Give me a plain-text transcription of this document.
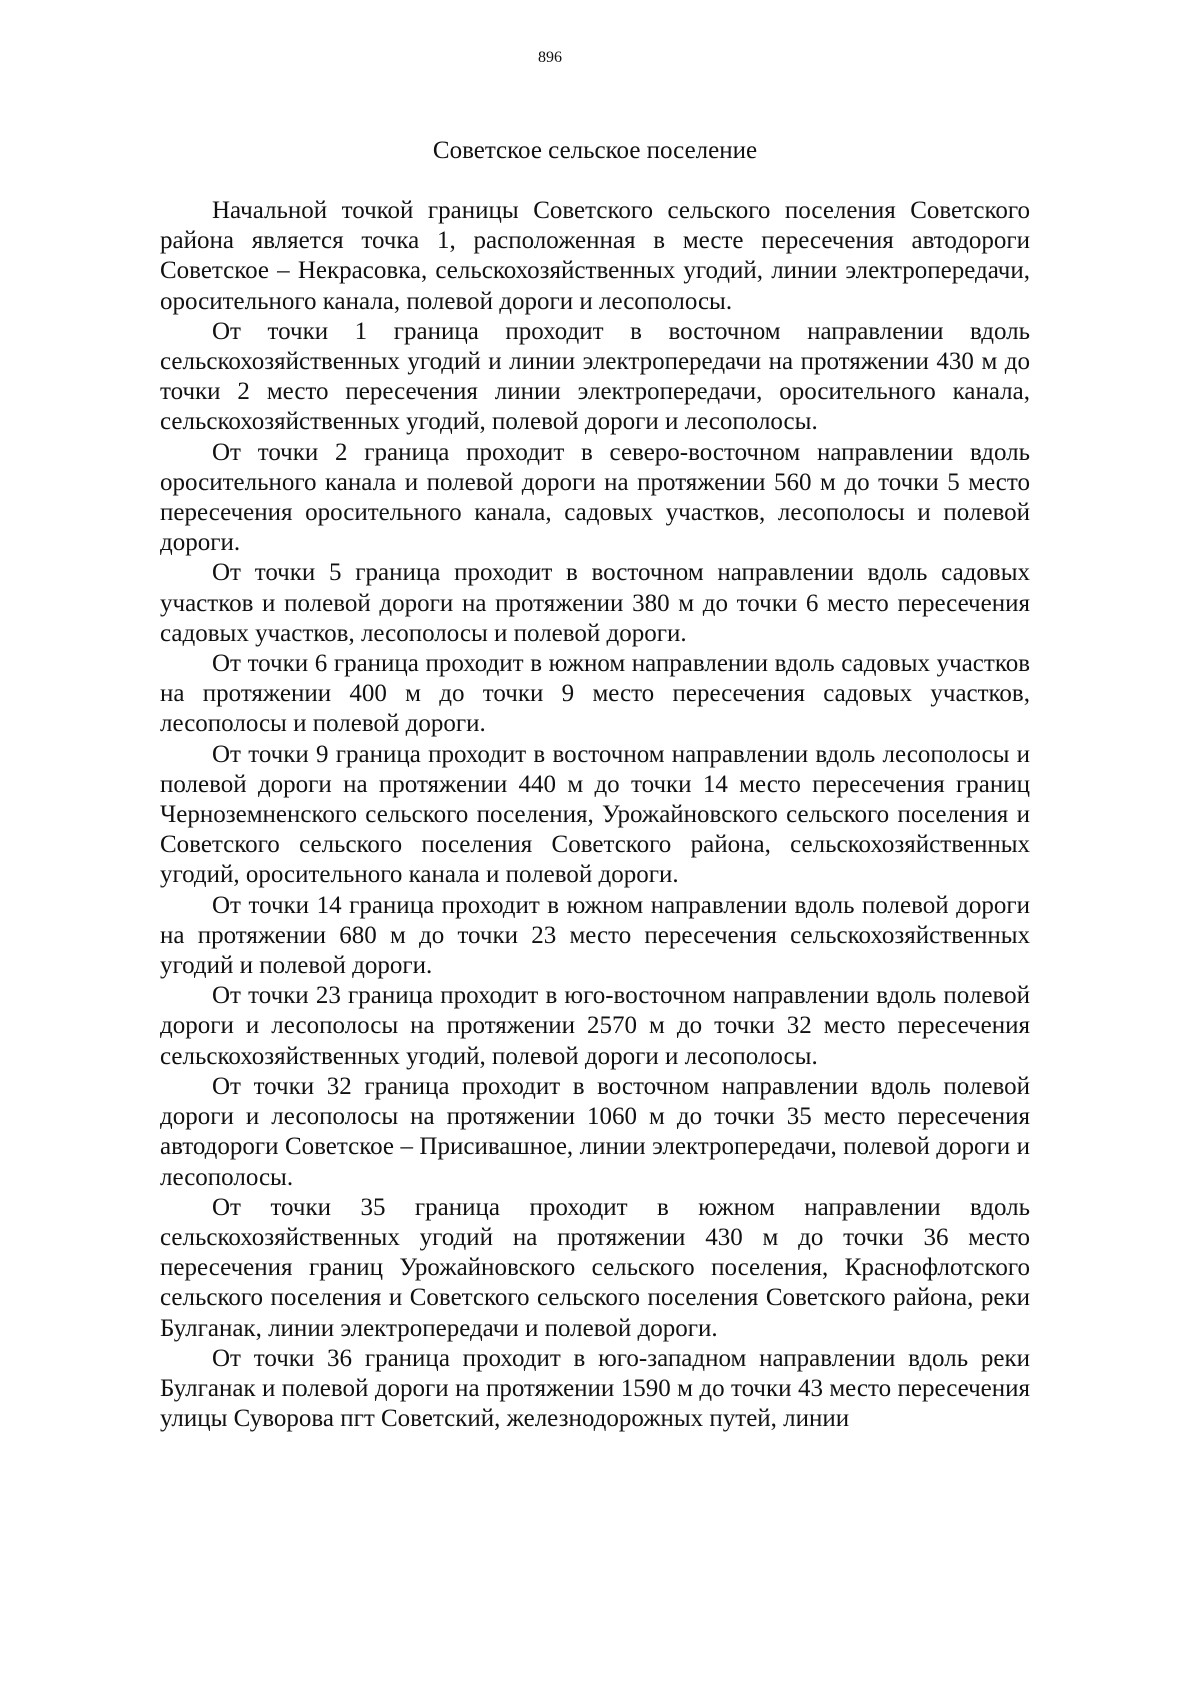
896
Советское сельское поселение

Начальной точкой границы Советского сельского поселения Советского района является точка 1, расположенная в месте пересечения автодороги Советское – Некрасовка, сельскохозяйственных угодий, линии электропередачи, оросительного канала, полевой дороги и лесополосы.

От точки 1 граница проходит в восточном направлении вдоль сельскохозяйственных угодий и линии электропередачи на протяжении 430 м до точки 2 место пересечения линии электропередачи, оросительного канала, сельскохозяйственных угодий, полевой дороги и лесополосы.

От точки 2 граница проходит в северо-восточном направлении вдоль оросительного канала и полевой дороги на протяжении 560 м до точки 5 место пересечения оросительного канала, садовых участков, лесополосы и полевой дороги.

От точки 5 граница проходит в восточном направлении вдоль садовых участков и полевой дороги на протяжении 380 м до точки 6 место пересечения садовых участков, лесополосы и полевой дороги.

От точки 6 граница проходит в южном направлении вдоль садовых участков на протяжении 400 м до точки 9 место пересечения садовых участков, лесополосы и полевой дороги.

От точки 9 граница проходит в восточном направлении вдоль лесополосы и полевой дороги на протяжении 440 м до точки 14 место пересечения границ Черноземненского сельского поселения, Урожайновского сельского поселения и Советского сельского поселения Советского района, сельскохозяйственных угодий, оросительного канала и полевой дороги.

От точки 14 граница проходит в южном направлении вдоль полевой дороги на протяжении 680 м до точки 23 место пересечения сельскохозяйственных угодий и полевой дороги.

От точки 23 граница проходит в юго-восточном направлении вдоль полевой дороги и лесополосы на протяжении 2570 м до точки 32 место пересечения сельскохозяйственных угодий, полевой дороги и лесополосы.

От точки 32 граница проходит в восточном направлении вдоль полевой дороги и лесополосы на протяжении 1060 м до точки 35 место пересечения автодороги Советское – Присивашное, линии электропередачи, полевой дороги и лесополосы.

От точки 35 граница проходит в южном направлении вдоль сельскохозяйственных угодий на протяжении 430 м до точки 36 место пересечения границ Урожайновского сельского поселения, Краснофлотского сельского поселения и Советского сельского поселения Советского района, реки Булганак, линии электропередачи и полевой дороги.

От точки 36 граница проходит в юго-западном направлении вдоль реки Булганак и полевой дороги на протяжении 1590 м до точки 43 место пересечения улицы Суворова пгт Советский, железнодорожных путей, линии
